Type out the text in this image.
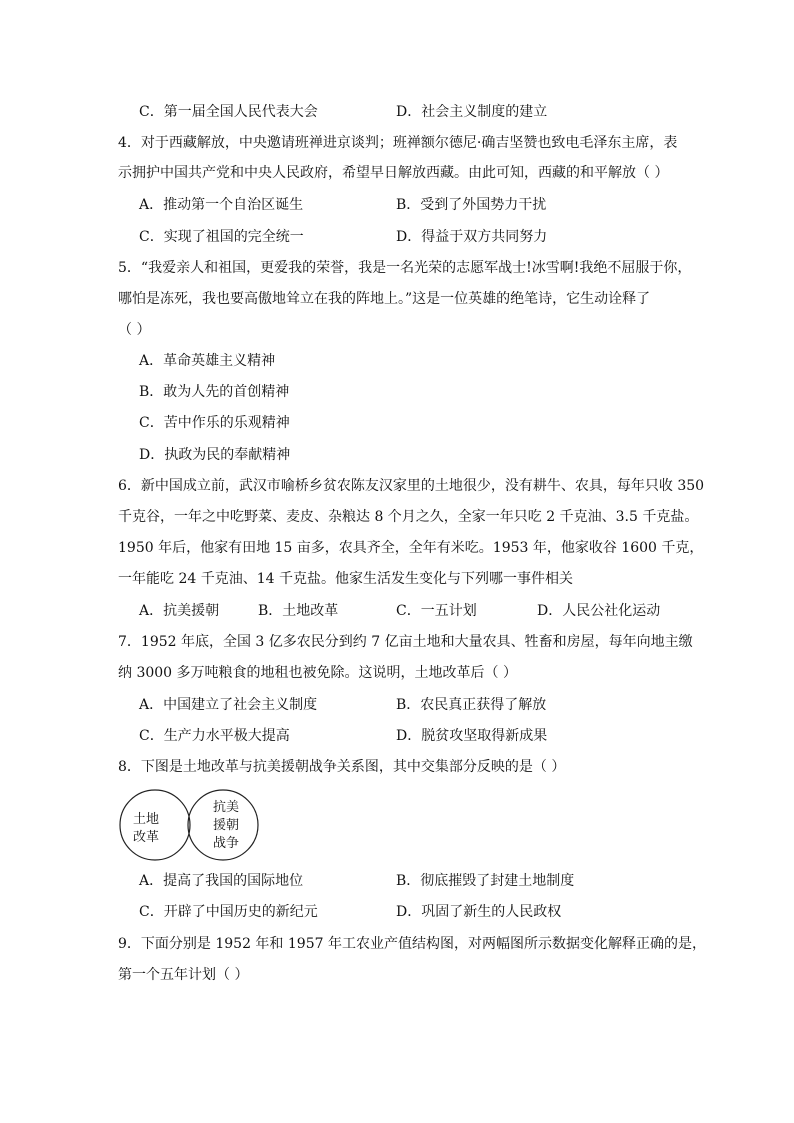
C．第一届全国人民代表大会	D．社会主义制度的建立
4．对于西藏解放，中央邀请班禅进京谈判；班禅额尔德尼·确吉坚赞也致电毛泽东主席，表
示拥护中国共产党和中央人民政府，希望早日解放西藏。由此可知，西藏的和平解放（ ）
A．推动第一个自治区诞生	B．受到了外国势力干扰
C．实现了祖国的完全统一	D．得益于双方共同努力
5．“我爱亲人和祖国，更爱我的荣誉，我是一名光荣的志愿军战士!冰雪啊!我绝不屈服于你，
哪怕是冻死，我也要高傲地耸立在我的阵地上。”这是一位英雄的绝笔诗，它生动诠释了
（ ）
A．革命英雄主义精神
B．敢为人先的首创精神
C．苦中作乐的乐观精神
D．执政为民的奉献精神
6．新中国成立前，武汉市喻桥乡贫农陈友汉家里的土地很少，没有耕牛、农具，每年只收 350
千克谷，一年之中吃野菜、麦皮、杂粮达 8 个月之久，全家一年只吃 2 千克油、3.5 千克盐。
1950 年后，他家有田地 15 亩多，农具齐全，全年有米吃。1953 年，他家收谷 1600 千克，
一年能吃 24 千克油、14 千克盐。他家生活发生变化与下列哪一事件相关
A．抗美援朝	B．土地改革	C．一五计划	D．人民公社化运动
7．1952 年底，全国 3 亿多农民分到约 7 亿亩土地和大量农具、牲畜和房屋，每年向地主缴
纳 3000 多万吨粮食的地租也被免除。这说明，土地改革后（ ）
A．中国建立了社会主义制度	B．农民真正获得了解放
C．生产力水平极大提高	D．脱贫攻坚取得新成果
8．下图是土地改革与抗美援朝战争关系图，其中交集部分反映的是（ ）
土地
改革
抗美
援朝
战争
A．提高了我国的国际地位	B．彻底摧毁了封建土地制度
C．开辟了中国历史的新纪元	D．巩固了新生的人民政权
9．下面分别是 1952 年和 1957 年工农业产值结构图，对两幅图所示数据变化解释正确的是，
第一个五年计划（ ）
